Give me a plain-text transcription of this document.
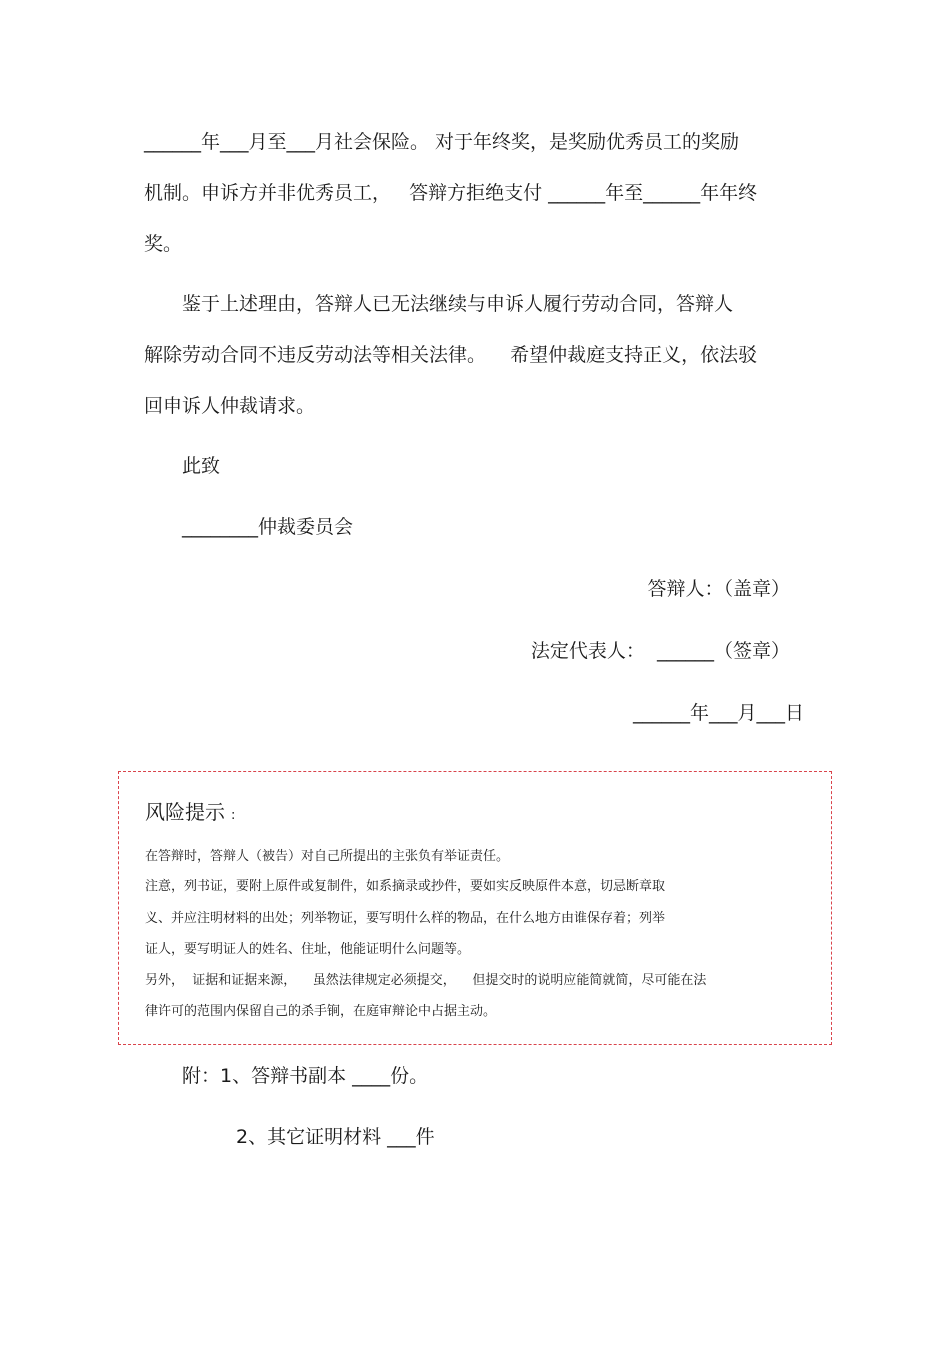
______年___月至___月社会保险。 对于年终奖，是奖励优秀员工的奖励
机制。申诉方并非优秀员工，   答辩方拒绝支付 ______年至______年年终
奖。
鉴于上述理由，答辩人已无法继续与申诉人履行劳动合同，答辩人
解除劳动合同不违反劳动法等相关法律。    希望仲裁庭支持正义，依法驳
回申诉人仲裁请求。
此致
________仲裁委员会
答辩人：（盖章）
法定代表人：  ______（签章）
______年___月___日
风险提示 :
在答辩时，答辩人（被告）对自己所提出的主张负有举证责任。
注意，列书证，要附上原件或复制件，如系摘录或抄件，要如实反映原件本意，切忌断章取
义、并应注明材料的出处；列举物证，要写明什么样的物品，在什么地方由谁保存着；列举
证人，要写明证人的姓名、住址，他能证明什么问题等。
另外，  证据和证据来源，    虽然法律规定必须提交，    但提交时的说明应能简就简，尽可能在法
律许可的范围内保留自己的杀手锏，在庭审辩论中占据主动。
附：1、答辩书副本 ____份。
2、其它证明材料 ___件
